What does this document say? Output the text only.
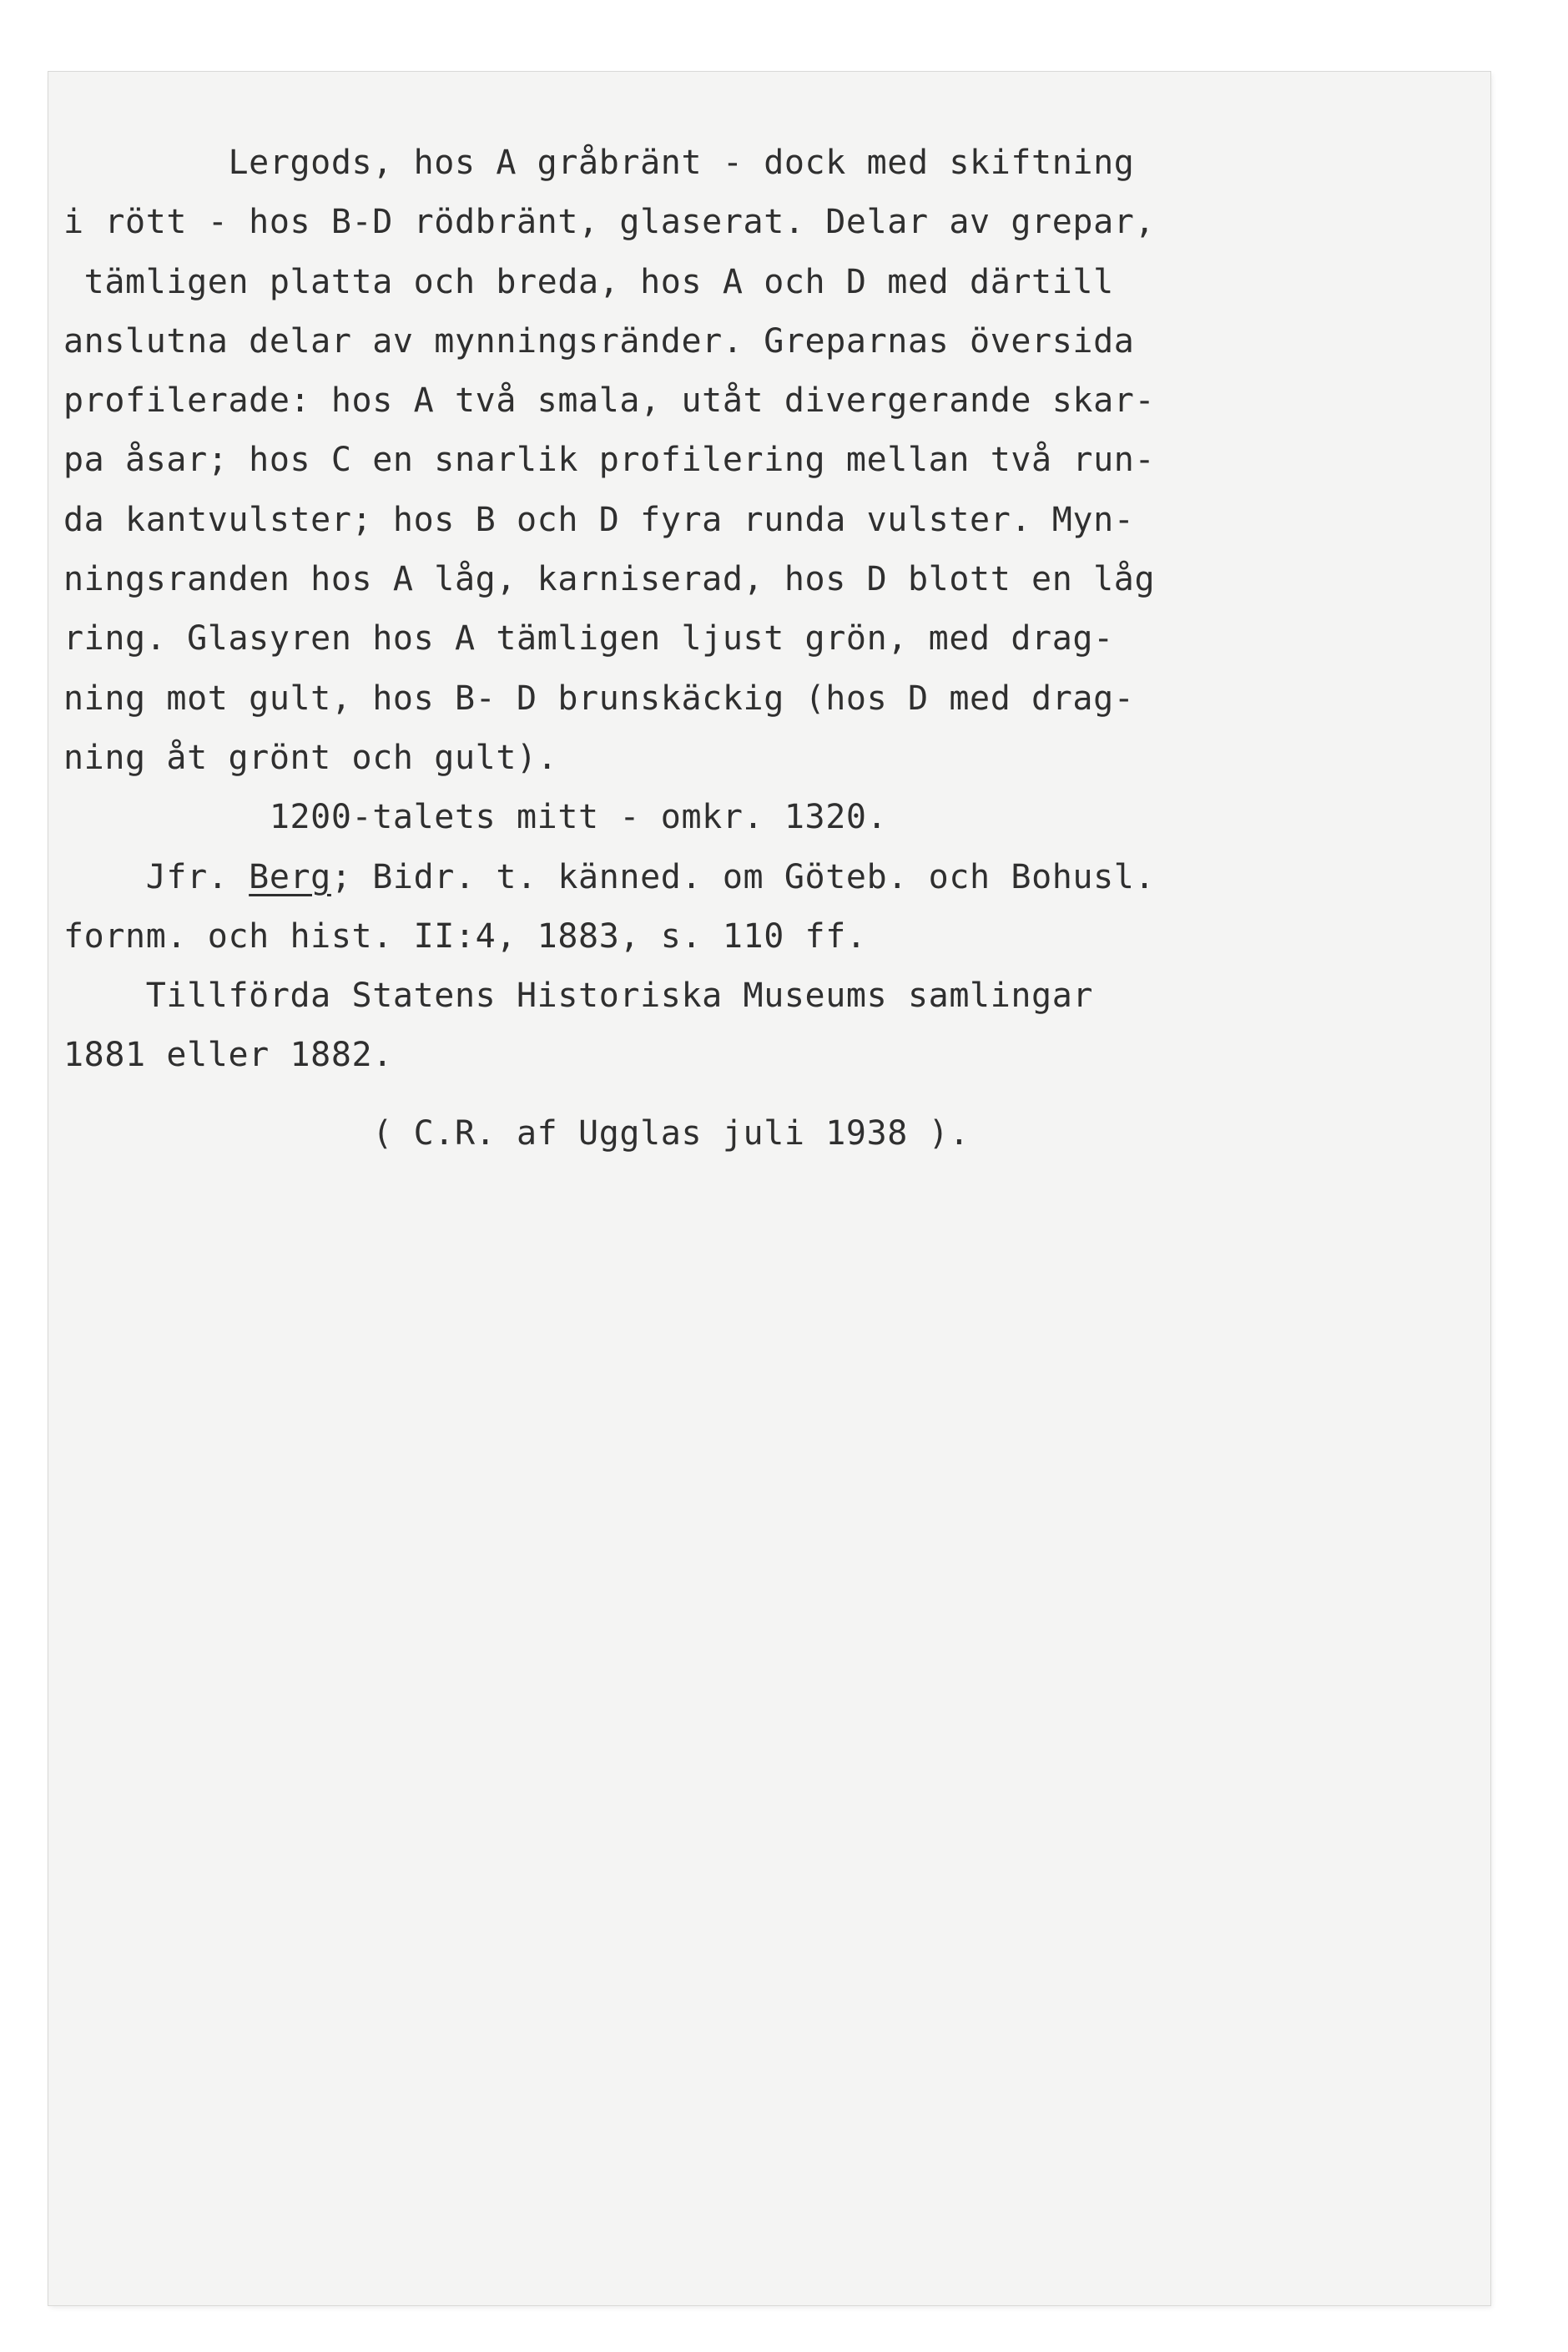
Lergods, hos A gråbränt - dock med skiftning
i rött - hos B-D rödbränt, glaserat. Delar av grepar,
tämligen platta och breda, hos A och D med därtill
anslutna delar av mynningsränder. Greparnas översida
profilerade: hos A två smala, utåt divergerande skar-
pa åsar; hos C en snarlik profilering mellan två run-
da kantvulster; hos B och D fyra runda vulster. Myn-
ningsranden hos A låg, karniserad, hos D blott en låg
ring. Glasyren hos A tämligen ljust grön, med drag-
ning mot gult, hos B- D brunskäckig (hos D med drag-
ning åt grönt och gult).
1200-talets mitt - omkr. 1320.
Jfr. Berg; Bidr. t. känned. om Göteb. och Bohusl.
fornm. och hist. II:4, 1883, s. 110 ff.
Tillförda Statens Historiska Museums samlingar
1881 eller 1882.
( C.R. af Ugglas juli 1938 ).
